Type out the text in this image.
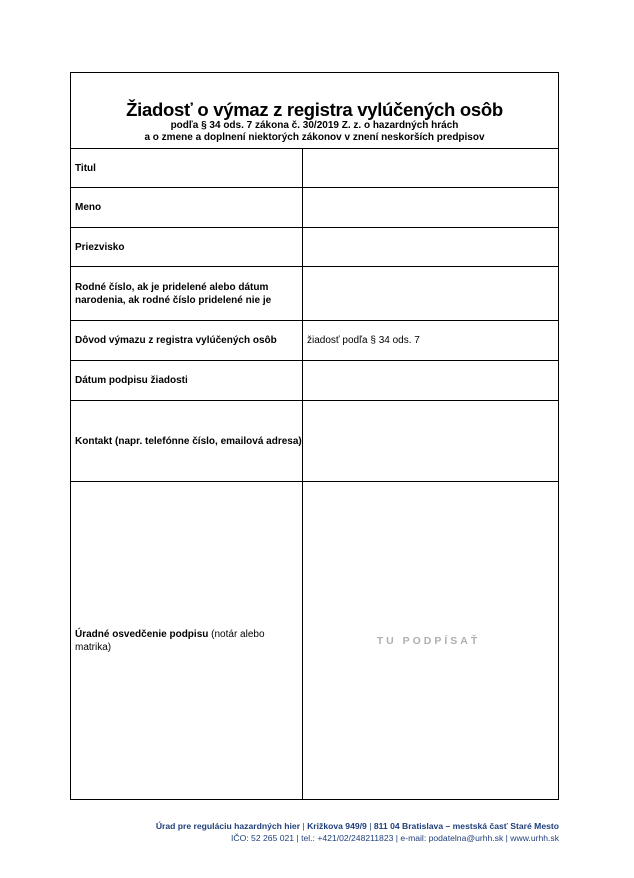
Žiadosť o výmaz z registra vylúčených osôb
podľa § 34 ods. 7 zákona č. 30/2019 Z. z. o hazardných hrách
a o zmene a doplnení niektorých zákonov v znení neskorších predpisov
Titul
Meno
Priezvisko
Rodné číslo, ak je pridelené alebo dátum
narodenia, ak rodné číslo pridelené nie je
Dôvod výmazu z registra vylúčených osôb	žiadosť podľa § 34 ods. 7
Dátum podpisu žiadosti
Kontakt (napr. telefónne číslo, emailová adresa)
Úradné osvedčenie podpisu (notár alebo matrika)
TU PODPÍSAŤ
Úrad pre reguláciu hazardných hier | Križkova 949/9 | 811 04 Bratislava – mestská časť Staré Mesto
IČO: 52 265 021 | tel.: +421/02/248211823 | e-mail: podatelna@urhh.sk | www.urhh.sk
